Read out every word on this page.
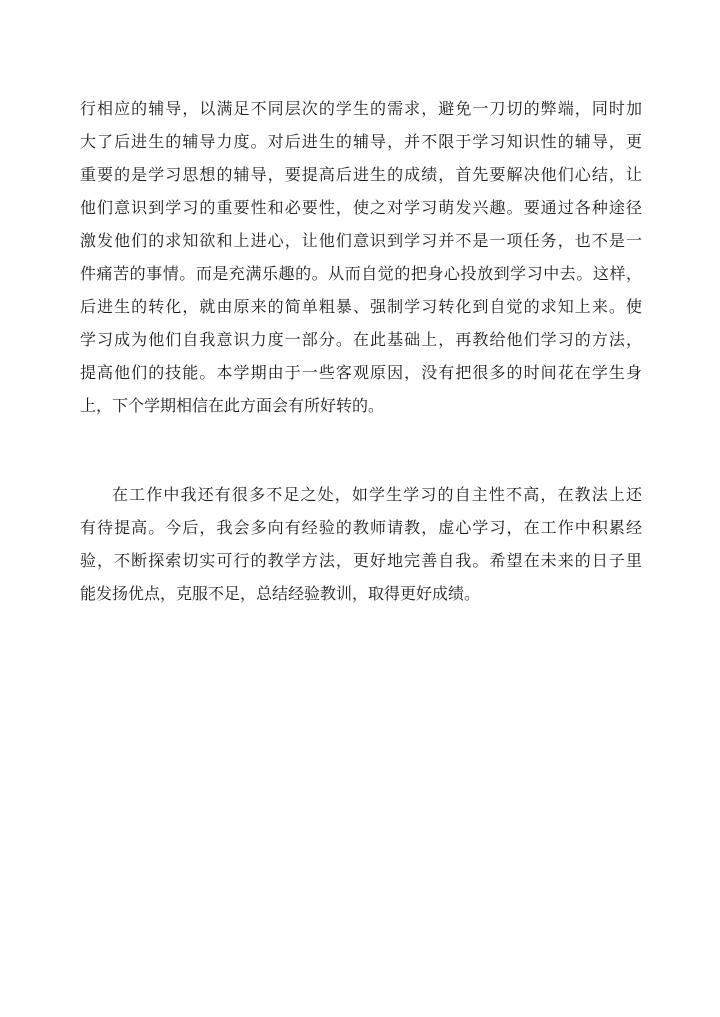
行相应的辅导，以满足不同层次的学生的需求，避免一刀切的弊端，同时加
大了后进生的辅导力度。对后进生的辅导，并不限于学习知识性的辅导，更
重要的是学习思想的辅导，要提高后进生的成绩，首先要解决他们心结，让
他们意识到学习的重要性和必要性，使之对学习萌发兴趣。要通过各种途径
激发他们的求知欲和上进心，让他们意识到学习并不是一项任务，也不是一
件痛苦的事情。而是充满乐趣的。从而自觉的把身心投放到学习中去。这样，
后进生的转化，就由原来的简单粗暴、强制学习转化到自觉的求知上来。使
学习成为他们自我意识力度一部分。在此基础上，再教给他们学习的方法，
提高他们的技能。本学期由于一些客观原因，没有把很多的时间花在学生身
上，下个学期相信在此方面会有所好转的。
在工作中我还有很多不足之处，如学生学习的自主性不高，在教法上还
有待提高。今后，我会多向有经验的教师请教，虚心学习，在工作中积累经
验，不断探索切实可行的教学方法，更好地完善自我。希望在未来的日子里
能发扬优点，克服不足，总结经验教训，取得更好成绩。
